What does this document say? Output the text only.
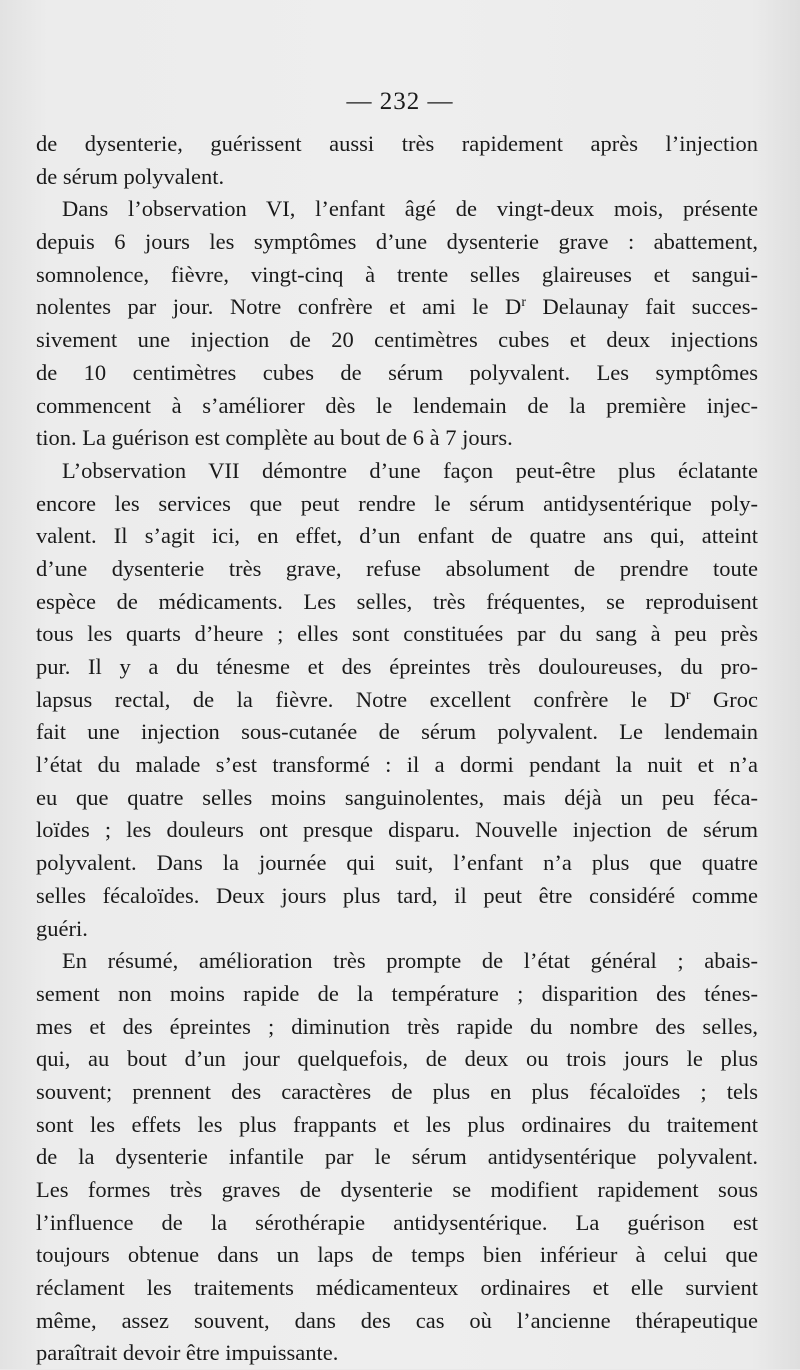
— 232 —
de dysenterie, guérissent aussi très rapidement après l’injection
de sérum polyvalent.
Dans l’observation VI, l’enfant âgé de vingt-deux mois, présente
depuis 6 jours les symptômes d’une dysenterie grave : abattement,
somnolence, fièvre, vingt-cinq à trente selles glaireuses et sangui-
nolentes par jour. Notre confrère et ami le $D^r$ Delaunay fait succes-
sivement une injection de 20 centimètres cubes et deux injections
de 10 centimètres cubes de sérum polyvalent. Les symptômes
commencent à s’améliorer dès le lendemain de la première injec-
tion. La guérison est complète au bout de 6 à 7 jours.
L’observation VII démontre d’une façon peut-être plus éclatante
encore les services que peut rendre le sérum antidysentérique poly-
valent. Il s’agit ici, en effet, d’un enfant de quatre ans qui, atteint
d’une dysenterie très grave, refuse absolument de prendre toute
espèce de médicaments. Les selles, très fréquentes, se reproduisent
tous les quarts d’heure ; elles sont constituées par du sang à peu près
pur. Il y a du ténesme et des épreintes très douloureuses, du pro-
lapsus rectal, de la fièvre. Notre excellent confrère le $D^r$ Groc
fait une injection sous-cutanée de sérum polyvalent. Le lendemain
l’état du malade s’est transformé : il a dormi pendant la nuit et n’a
eu que quatre selles moins sanguinolentes, mais déjà un peu féca-
loïdes ; les douleurs ont presque disparu. Nouvelle injection de sérum
polyvalent. Dans la journée qui suit, l’enfant n’a plus que quatre
selles fécaloïdes. Deux jours plus tard, il peut être considéré comme
guéri.
En résumé, amélioration très prompte de l’état général ; abais-
sement non moins rapide de la température ; disparition des ténes-
mes et des épreintes ; diminution très rapide du nombre des selles,
qui, au bout d’un jour quelquefois, de deux ou trois jours le plus
souvent; prennent des caractères de plus en plus fécaloïdes ; tels
sont les effets les plus frappants et les plus ordinaires du traitement
de la dysenterie infantile par le sérum antidysentérique polyvalent.
Les formes très graves de dysenterie se modifient rapidement sous
l’influence de la sérothérapie antidysentérique. La guérison est
toujours obtenue dans un laps de temps bien inférieur à celui que
réclament les traitements médicamenteux ordinaires et elle survient
même, assez souvent, dans des cas où l’ancienne thérapeutique
paraîtrait devoir être impuissante.
